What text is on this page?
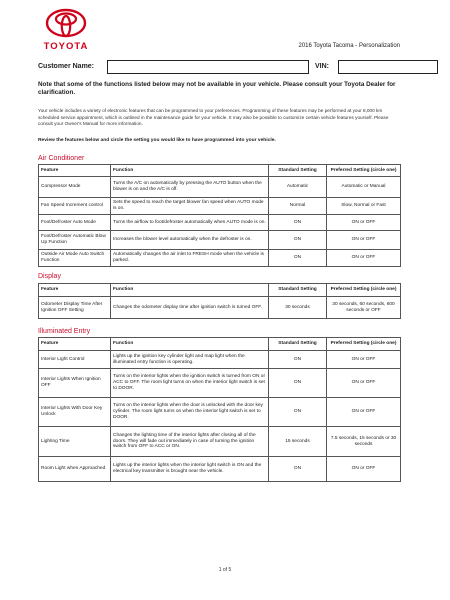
TOYOTA	2016 Toyota Tacoma - Personalization
Customer Name:	VIN:
Note that some of the functions listed below may not be available in your vehicle. Please consult your Toyota Dealer for clarification.
Your vehicle includes a variety of electronic features that can be programmed to your preferences. Programming of these features may be performed at your 8,000 km scheduled service appointment, which is outlined in the maintenance guide for your vehicle. It may also be possible to customize certain vehicle features yourself. Please consult your Owner's Manual for more information.
Review the features below and circle the setting you would like to have programmed into your vehicle.
Air Conditioner
Feature	Function	Standard Setting	Preferred Setting (circle one)
Compressor Mode	Turns the A/C on automatically by pressing the AUTO button when the blower is on and the A/C is off.	Automatic	Automatic or Manual
Fan Speed Increment control	Sets the speed to reach the target blower fan speed when AUTO mode is on.	Normal	Slow, Normal or Fast
Foot/Defroster Auto Mode	Turns the airflow to foot/defroster automatically when AUTO mode is on.	ON	ON or OFF
Foot/Defroster Automatic Blow Up Function	Increases the blower level automatically when the defroster is on.	ON	ON or OFF
Outside Air Mode Auto Switch Function	Automatically changes the air inlet to FRESH mode when the vehicle is parked.	ON	ON or OFF
Display
Feature	Function	Standard Setting	Preferred Setting (circle one)
Odometer Display Time After Ignition OFF Setting	Changes the odometer display time after ignition switch is turned OFF.	30 seconds	30 seconds, 60 seconds, 600 seconds or OFF
Illuminated Entry
Feature	Function	Standard Setting	Preferred Setting (circle one)
Interior Light Control	Lights up the ignition key cylinder light and map light when the illuminated entry function is operating.	ON	ON or OFF
Interior Lights When Ignition OFF	Turns on the interior lights when the ignition switch is turned from ON or ACC to OFF. The room light turns on when the interior light switch is set to DOOR.	ON	ON or OFF
Interior Lights With Door Key Unlock	Turns on the interior lights when the door is unlocked with the door key cylinder. The room light turns on when the interior light switch is set to DOOR.	ON	ON or OFF
Lighting Time	Changes the lighting time of the interior lights after closing all of the doors. They will fade out immediately in case of turning the ignition switch from OFF to ACC or ON.	15 seconds	7.5 seconds, 15 seconds or 30 seconds
Room Light when Approached	Lights up the interior lights when the interior light switch is ON and the electrical key transmitter is brought near the vehicle.	ON	ON or OFF
1 of 5
